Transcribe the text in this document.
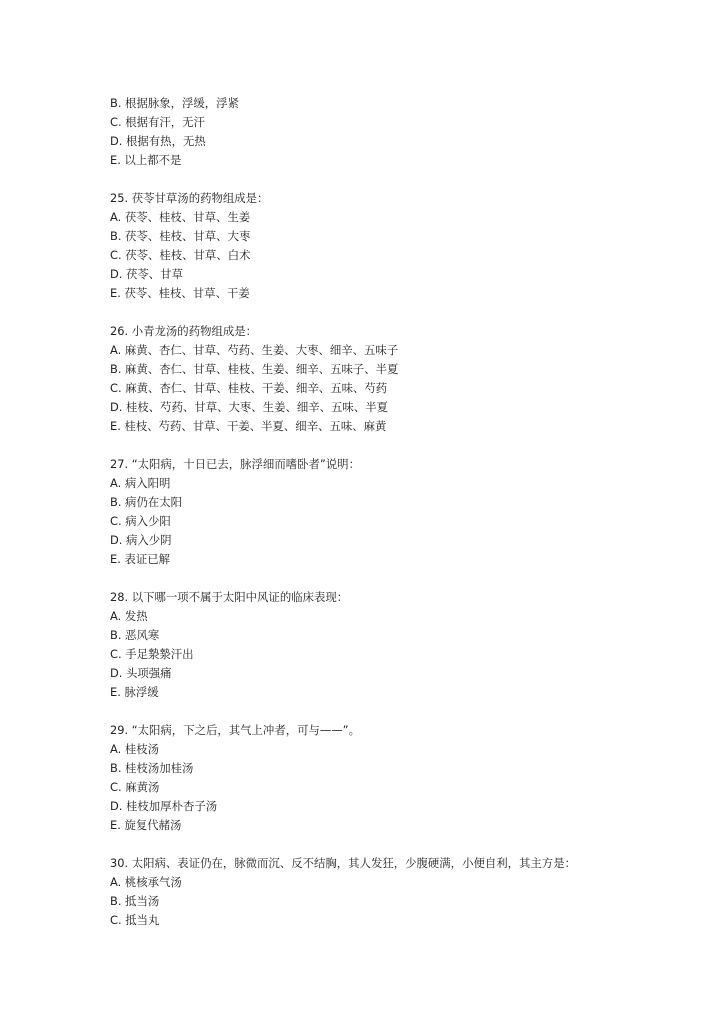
B. 根据脉象，浮缓，浮紧
C. 根据有汗，无汗
D. 根据有热，无热
E. 以上都不是
25. 茯苓甘草汤的药物组成是：
A. 茯苓、桂枝、甘草、生姜
B. 茯苓、桂枝、甘草、大枣
C. 茯苓、桂枝、甘草、白术
D. 茯苓、甘草
E. 茯苓、桂枝、甘草、干姜
26. 小青龙汤的药物组成是：
A. 麻黄、杏仁、甘草、芍药、生姜、大枣、细辛、五味子
B. 麻黄、杏仁、甘草、桂枝、生姜、细辛、五味子、半夏
C. 麻黄、杏仁、甘草、桂枝、干姜、细辛、五味、芍药
D. 桂枝、芍药、甘草、大枣、生姜、细辛、五味、半夏
E. 桂枝、芍药、甘草、干姜、半夏、细辛、五味、麻黄
27. “太阳病，十日已去，脉浮细而嗜卧者”说明：
A. 病入阳明
B. 病仍在太阳
C. 病入少阳
D. 病入少阴
E. 表证已解
28. 以下哪一项不属于太阳中风证的临床表现：
A. 发热
B. 恶风寒
C. 手足漐漐汗出
D. 头项强痛
E. 脉浮缓
29. “太阳病，下之后，其气上冲者，可与——”。
A. 桂枝汤
B. 桂枝汤加桂汤
C. 麻黄汤
D. 桂枝加厚朴杏子汤
E. 旋复代赭汤
30. 太阳病、表证仍在，脉微而沉、反不结胸，其人发狂，少腹硬满，小便自利，其主方是：
A. 桃核承气汤
B. 抵当汤
C. 抵当丸
